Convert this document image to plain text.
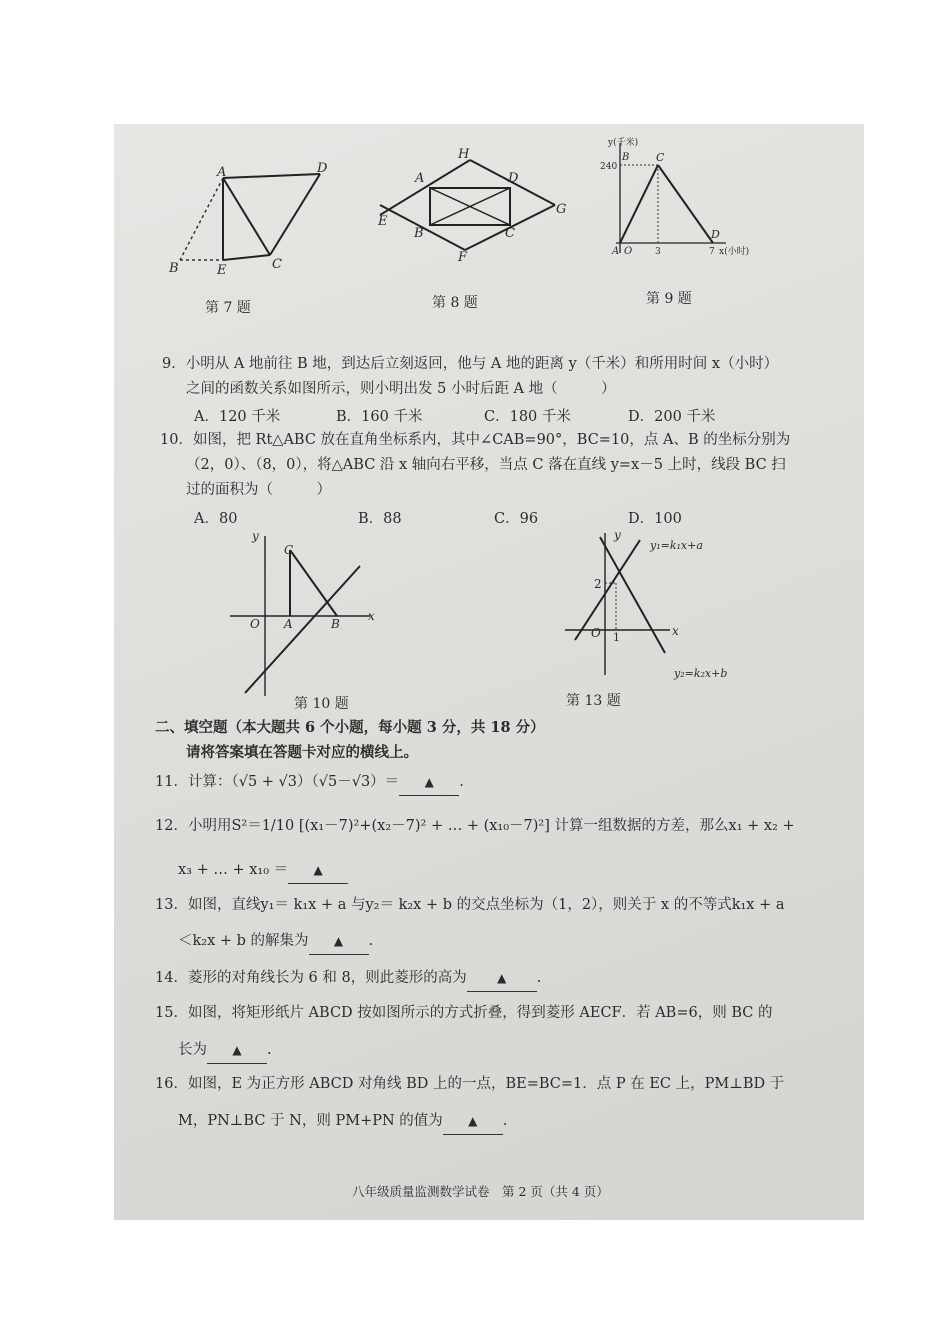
A	D
B	E	C
第 7 题
A	D
B	C
H
E
G
F
第 8 题
y(千米)
240
B C
D
A O	3	7 x(小时)
第 9 题
9．小明从 A 地前往 B 地，到达后立刻返回，他与 A 地的距离 y（千米）和所用时间 x（小时）
之间的函数关系如图所示，则小明出发 5 小时后距 A 地（　　　）
A．120 千米	B．160 千米	C．180 千米	D．200 千米
10．如图，把 Rt△ABC 放在直角坐标系内，其中∠CAB=90°，BC=10，点 A、B 的坐标分别为
（2，0）、（8，0），将△ABC 沿 x 轴向右平移，当点 C 落在直线 y=x－5 上时，线段 BC 扫
过的面积为（　　　）
A．80	B．88	C．96	D．100
y
x
O A	B
C
第 10 题
y
x
O
2
1
y₁=k₁x+a
y₂=k₂x+b
第 13 题
二、填空题（本大题共 6 个小题，每小题 3 分，共 18 分）
请将答案填在答题卡对应的横线上。
11．计算：（√5 + √3）（√5－√3）＝ ▲ .
12．小明用S²＝1/10 [(x₁－7)²+(x₂－7)² + … + (x₁₀－7)²] 计算一组数据的方差，那么x₁ + x₂ +
x₃ + … + x₁₀ ＝ ▲
13．如图，直线y₁＝ k₁x + a 与y₂＝ k₂x + b 的交点坐标为（1，2），则关于 x 的不等式k₁x + a
＜k₂x + b 的解集为 ▲ .
14．菱形的对角线长为 6 和 8，则此菱形的高为	▲ .
15．如图，将矩形纸片 ABCD 按如图所示的方式折叠，得到菱形 AECF．若 AB=6，则 BC 的
长为 ▲ .
16．如图，E 为正方形 ABCD 对角线 BD 上的一点，BE=BC=1．点 P 在 EC 上，PM⊥BD 于
M，PN⊥BC 于 N，则 PM+PN 的值为 ▲ .
八年级质量监测数学试卷　第 2 页（共 4 页）
